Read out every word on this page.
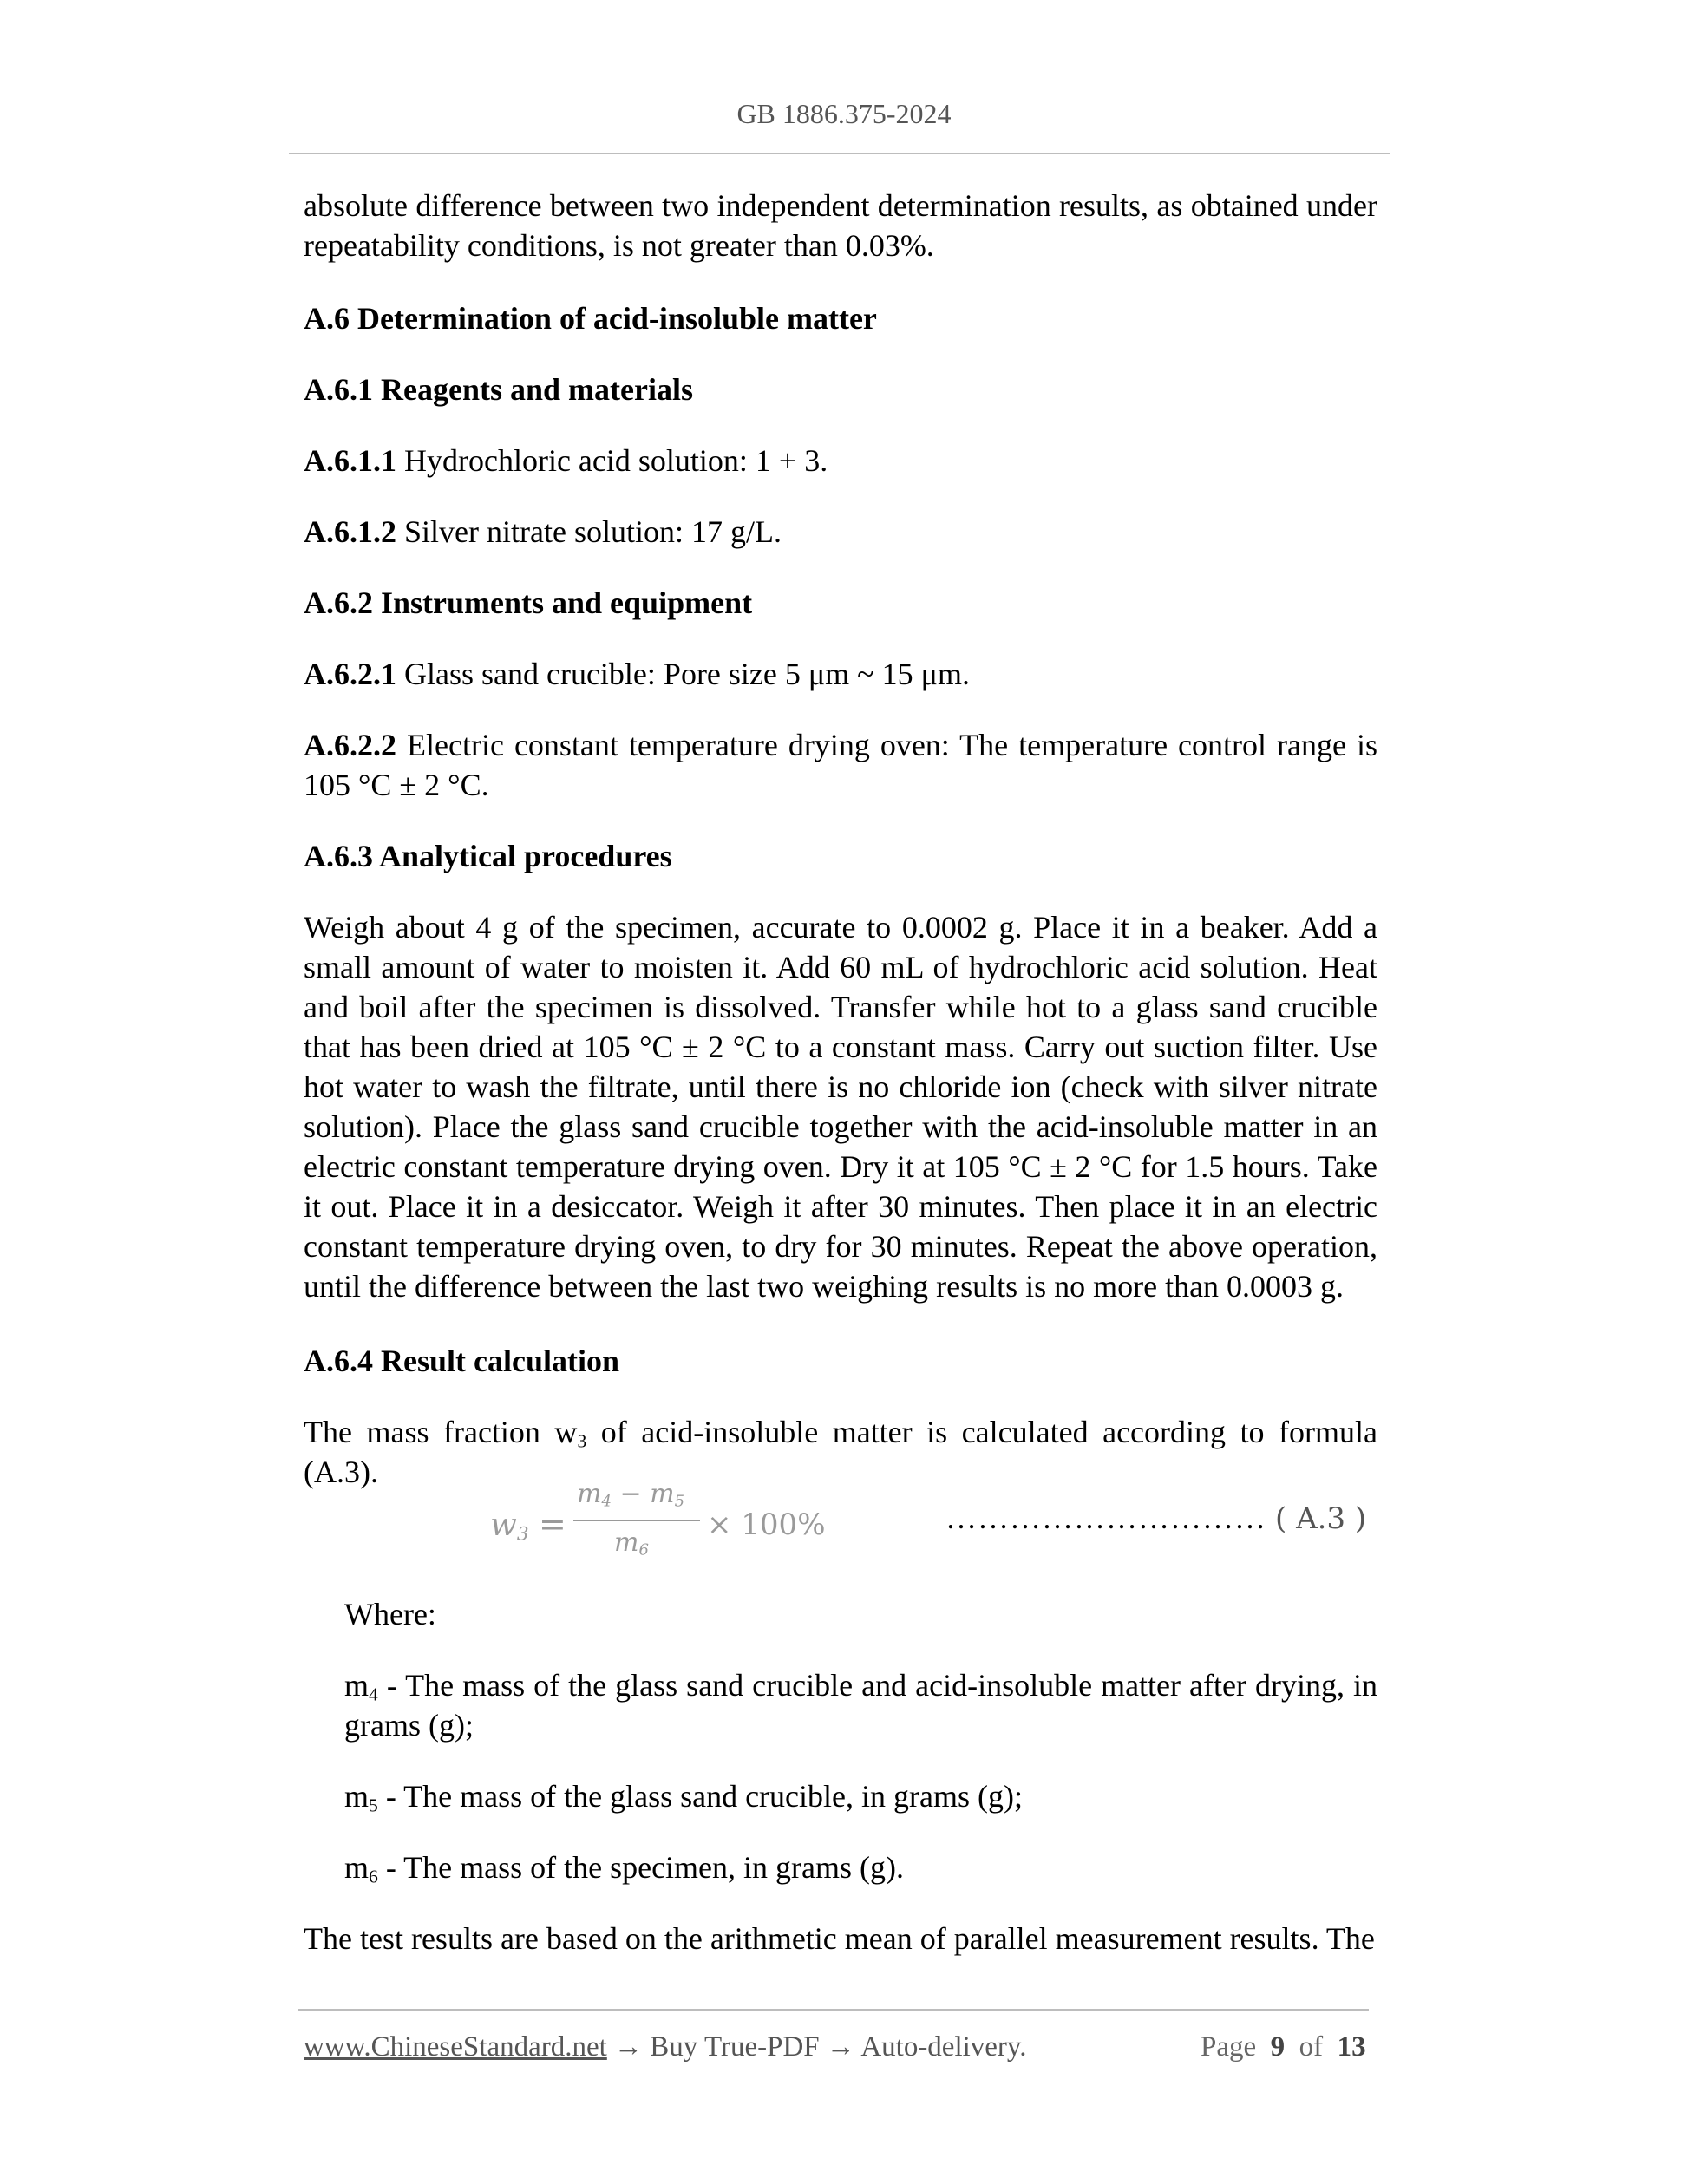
GB 1886.375-2024

absolute difference between two independent determination results, as obtained under repeatability conditions, is not greater than 0.03%.

A.6 Determination of acid-insoluble matter

A.6.1 Reagents and materials

A.6.1.1 Hydrochloric acid solution: 1 + 3.

A.6.1.2 Silver nitrate solution: 17 g/L.

A.6.2 Instruments and equipment

A.6.2.1 Glass sand crucible: Pore size 5 μm ~ 15 μm.

A.6.2.2 Electric constant temperature drying oven: The temperature control range is 105 °C ± 2 °C.

A.6.3 Analytical procedures

Weigh about 4 g of the specimen, accurate to 0.0002 g. Place it in a beaker. Add a small amount of water to moisten it. Add 60 mL of hydrochloric acid solution. Heat and boil after the specimen is dissolved. Transfer while hot to a glass sand crucible that has been dried at 105 °C ± 2 °C to a constant mass. Carry out suction filter. Use hot water to wash the filtrate, until there is no chloride ion (check with silver nitrate solution). Place the glass sand crucible together with the acid-insoluble matter in an electric constant temperature drying oven. Dry it at 105 °C ± 2 °C for 1.5 hours. Take it out. Place it in a desiccator. Weigh it after 30 minutes. Then place it in an electric constant temperature drying oven, to dry for 30 minutes. Repeat the above operation, until the difference between the last two weighing results is no more than 0.0003 g.

A.6.4 Result calculation

The mass fraction $w_3$ of acid-insoluble matter is calculated according to formula (A.3).

$w_3$ =
$m_4 - m_5$
$m_6$
× 100%	………………………… ( A.3 )

Where:

$m_4$ - The mass of the glass sand crucible and acid-insoluble matter after drying, in grams (g);

$m_5$ - The mass of the glass sand crucible, in grams (g);

$m_6$ - The mass of the specimen, in grams (g).

The test results are based on the arithmetic mean of parallel measurement results. The

www.ChineseStandard.net → Buy True-PDF → Auto-delivery.	Page 9 of 13
